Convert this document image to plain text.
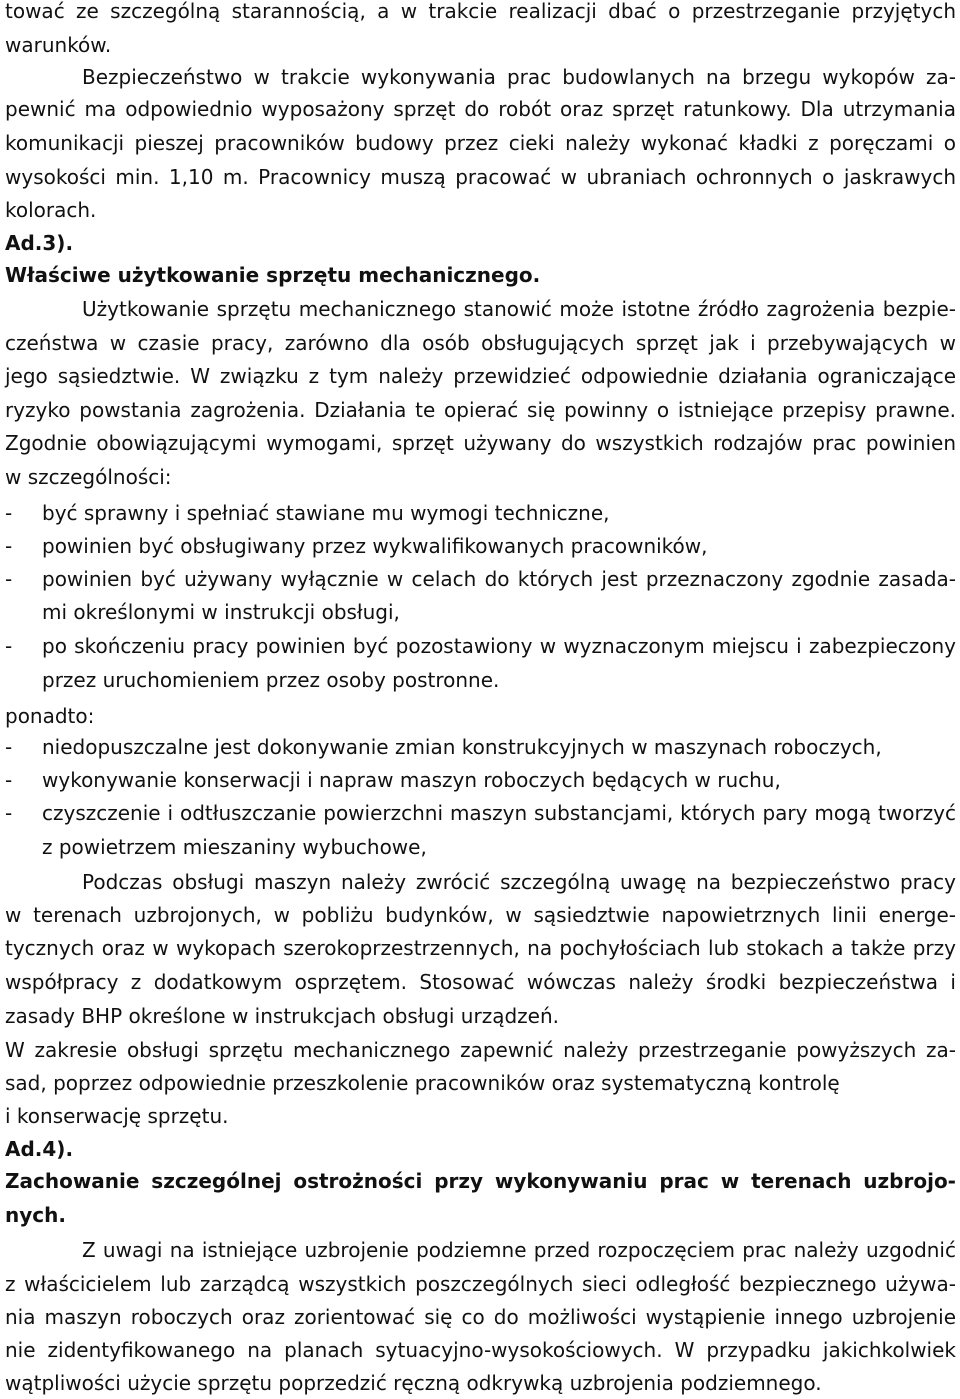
tować ze szczególną starannością, a w trakcie realizacji dbać o przestrzeganie przyjętych
warunków.
Bezpieczeństwo w trakcie wykonywania prac budowlanych na brzegu wykopów za-
pewnić ma odpowiednio wyposażony sprzęt do robót oraz sprzęt ratunkowy. Dla utrzymania
komunikacji pieszej pracowników budowy przez cieki należy wykonać kładki z poręczami o
wysokości min. 1,10 m. Pracownicy muszą pracować w ubraniach ochronnych o jaskrawych
kolorach.
Ad.3).
Właściwe użytkowanie sprzętu mechanicznego.
Użytkowanie sprzętu mechanicznego stanowić może istotne źródło zagrożenia bezpie-
czeństwa w czasie pracy, zarówno dla osób obsługujących sprzęt jak i przebywających w
jego sąsiedztwie. W związku z tym należy przewidzieć odpowiednie działania ograniczające
ryzyko powstania zagrożenia. Działania te opierać się powinny o istniejące przepisy prawne.
Zgodnie obowiązującymi wymogami, sprzęt używany do wszystkich rodzajów prac powinien
w szczególności:
- być sprawny i spełniać stawiane mu wymogi techniczne,
- powinien być obsługiwany przez wykwalifikowanych pracowników,
- powinien być używany wyłącznie w celach do których jest przeznaczony zgodnie zasada-
mi określonymi w instrukcji obsługi,
- po skończeniu pracy powinien być pozostawiony w wyznaczonym miejscu i zabezpieczony
przez uruchomieniem przez osoby postronne.
ponadto:
- niedopuszczalne jest dokonywanie zmian konstrukcyjnych w maszynach roboczych,
- wykonywanie konserwacji i napraw maszyn roboczych będących w ruchu,
- czyszczenie i odtłuszczanie powierzchni maszyn substancjami, których pary mogą tworzyć
z powietrzem mieszaniny wybuchowe,
Podczas obsługi maszyn należy zwrócić szczególną uwagę na bezpieczeństwo pracy
w terenach uzbrojonych, w pobliżu budynków, w sąsiedztwie napowietrznych linii energe-
tycznych oraz w wykopach szerokoprzestrzennych, na pochyłościach lub stokach a także przy
współpracy z dodatkowym osprzętem. Stosować wówczas należy środki bezpieczeństwa i
zasady BHP określone w instrukcjach obsługi urządzeń.
W zakresie obsługi sprzętu mechanicznego zapewnić należy przestrzeganie powyższych za-
sad, poprzez odpowiednie przeszkolenie pracowników oraz systematyczną kontrolę
i konserwację sprzętu.
Ad.4).
Zachowanie szczególnej ostrożności przy wykonywaniu prac w terenach uzbrojo-
nych.
Z uwagi na istniejące uzbrojenie podziemne przed rozpoczęciem prac należy uzgodnić
z właścicielem lub zarządcą wszystkich poszczególnych sieci odległość bezpiecznego używa-
nia maszyn roboczych oraz zorientować się co do możliwości wystąpienie innego uzbrojenie
nie zidentyfikowanego na planach sytuacyjno-wysokościowych. W przypadku jakichkolwiek
wątpliwości użycie sprzętu poprzedzić ręczną odkrywką uzbrojenia podziemnego.
